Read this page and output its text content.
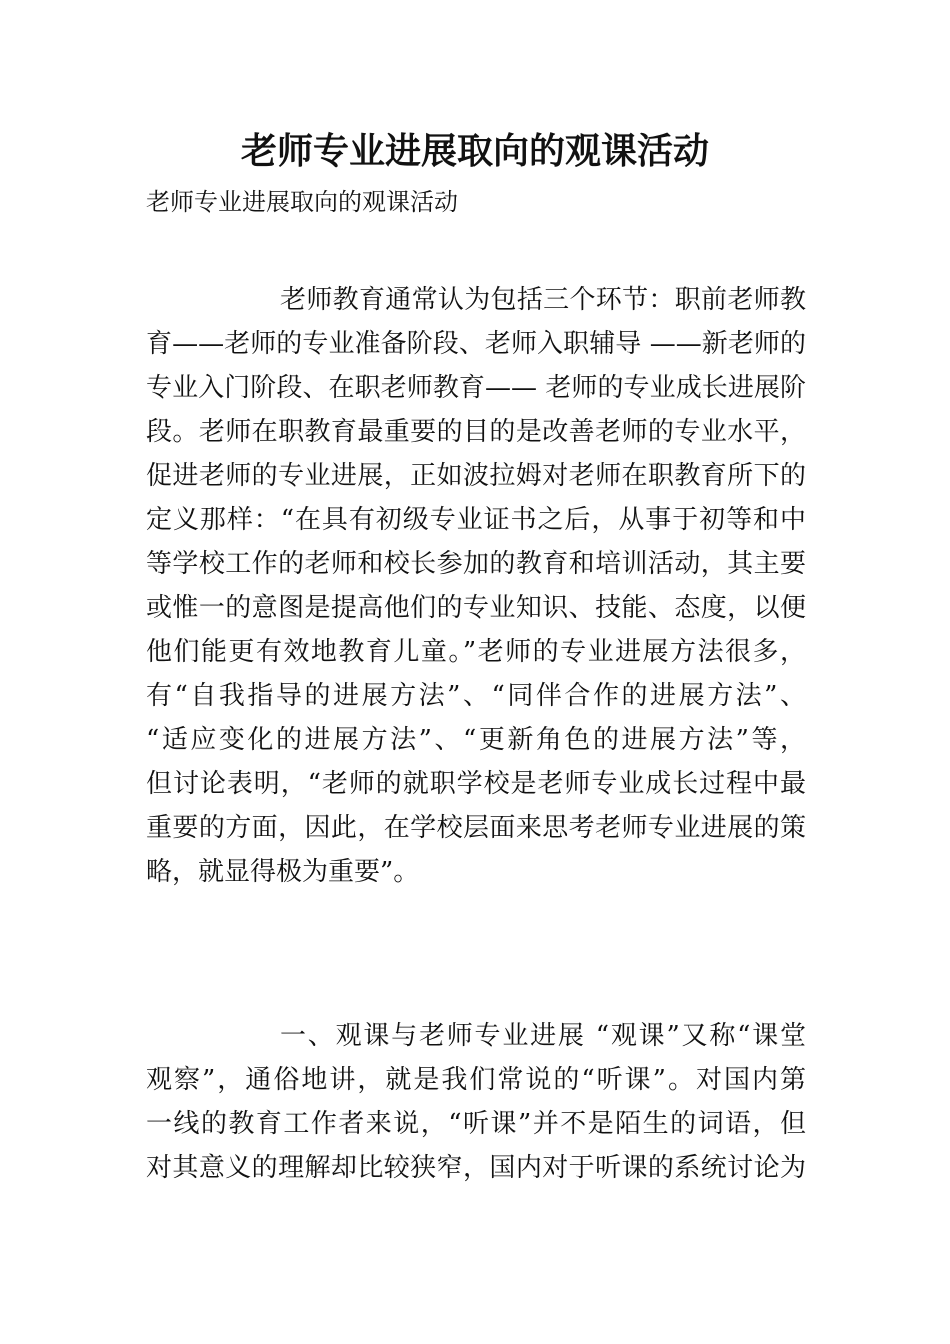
老师专业进展取向的观课活动
老师专业进展取向的观课活动
老师教育通常认为包括三个环节：职前老师教
育——老师的专业准备阶段、老师入职辅导 ——新老师的
专业入门阶段、在职老师教育—— 老师的专业成长进展阶
段。老师在职教育最重要的目的是改善老师的专业水平，
促进老师的专业进展，正如波拉姆对老师在职教育所下的
定义那样：“在具有初级专业证书之后，从事于初等和中
等学校工作的老师和校长参加的教育和培训活动，其主要
或惟一的意图是提高他们的专业知识、技能、态度，以便
他们能更有效地教育儿童。”老师的专业进展方法很多，
有“自我指导的进展方法”、“同伴合作的进展方法”、
“适应变化的进展方法”、“更新角色的进展方法”等，
但讨论表明，“老师的就职学校是老师专业成长过程中最
重要的方面，因此，在学校层面来思考老师专业进展的策
略，就显得极为重要”。
一、观课与老师专业进展 “观课”又称“课堂
观察”，通俗地讲，就是我们常说的“听课”。对国内第
一线的教育工作者来说，“听课”并不是陌生的词语，但
对其意义的理解却比较狭窄，国内对于听课的系统讨论为
